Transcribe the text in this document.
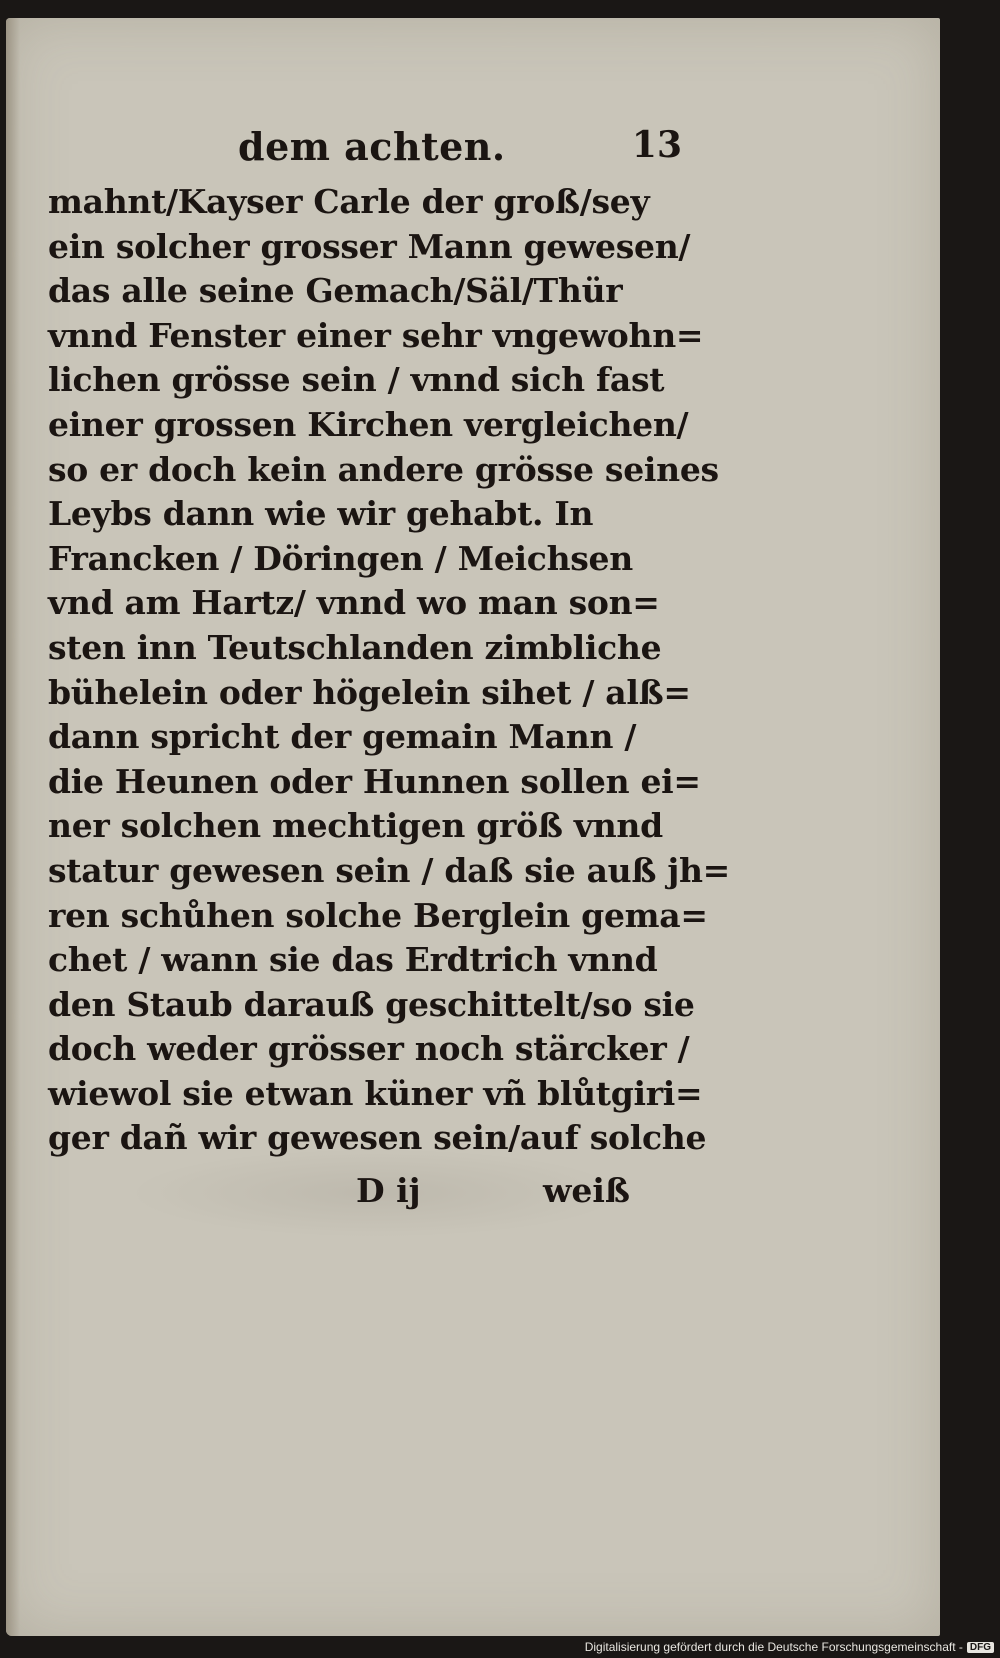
dem achten.	13
mahnt/Kayser Carle der groß/sey
ein solcher grosser Mann gewesen/
das alle seine Gemach/Säl/Thür
vnnd Fenster einer sehr vngewohn=
lichen grösse sein / vnnd sich fast
einer grossen Kirchen vergleichen/
so er doch kein andere grösse seines
Leybs dann wie wir gehabt. In
Francken / Döringen / Meichsen
vnd am Hartz/ vnnd wo man son=
sten inn Teutschlanden zimbliche
bühelein oder högelein sihet / alß=
dann spricht der gemain Mann /
die Heunen oder Hunnen sollen ei=
ner solchen mechtigen größ vnnd
statur gewesen sein / daß sie auß jh=
ren schůhen solche Berglein gema=
chet / wann sie das Erdtrich vnnd
den Staub darauß geschittelt/so sie
doch weder grösser noch stärcker /
wiewol sie etwan küner vñ blůtgiri=
ger dañ wir gewesen sein/auf solche
D ij	weiß
Digitalisierung gefördert durch die Deutsche Forschungsgemeinschaft - DFG
